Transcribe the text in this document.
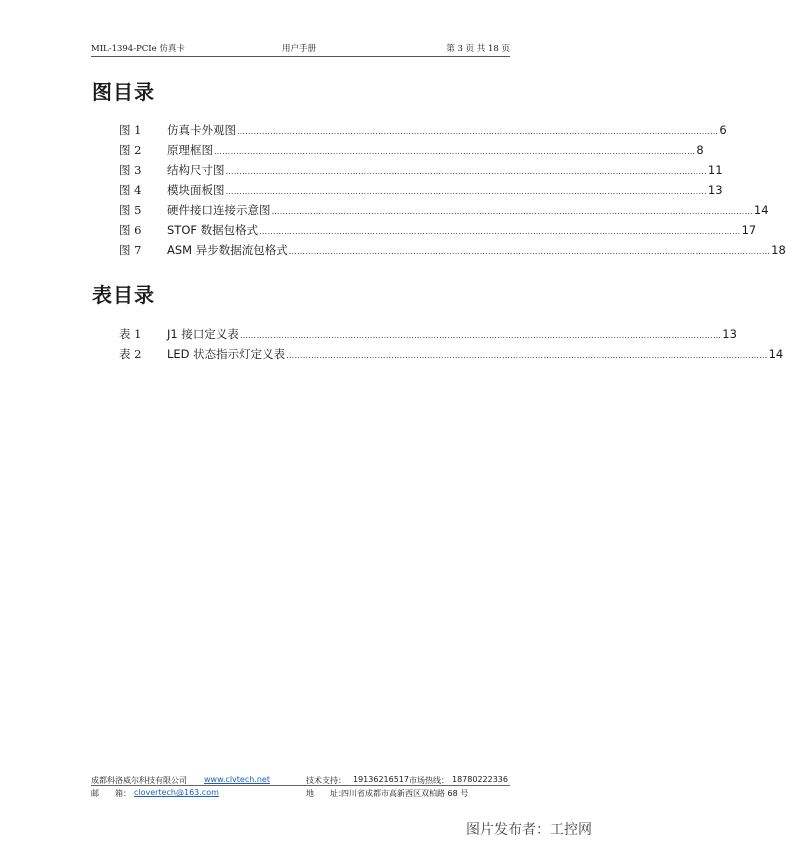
MIL-1394-PCIe 仿真卡	用户手册	第 3 页 共 18 页
图目录
图 1	仿真卡外观图 ………………………………………………………………………………………………………………………………………………………… 6
图 2	原理框图 ………………………………………………………………………………………………………………………………………………………… 8
图 3	结构尺寸图 ………………………………………………………………………………………………………………………………………………………… 11
图 4	模块面板图 ………………………………………………………………………………………………………………………………………………………… 13
图 5	硬件接口连接示意图 ………………………………………………………………………………………………………………………………………………………… 14
图 6	STOF 数据包格式 ………………………………………………………………………………………………………………………………………………………… 17
图 7	ASM 异步数据流包格式 ………………………………………………………………………………………………………………………………………………………… 18
表目录
表 1	J1 接口定义表 ………………………………………………………………………………………………………………………………………………………… 13
表 2	LED 状态指示灯定义表 ………………………………………………………………………………………………………………………………………………………… 14
成都科洛威尔科技有限公司 www.clvtech.net	技术支持： 19136216517 市场热线： 18780222336
邮　　箱： clovertech@163.com	地　　址：
四川省成都市高新西区双柏路 68 号
图片发布者：工控网
